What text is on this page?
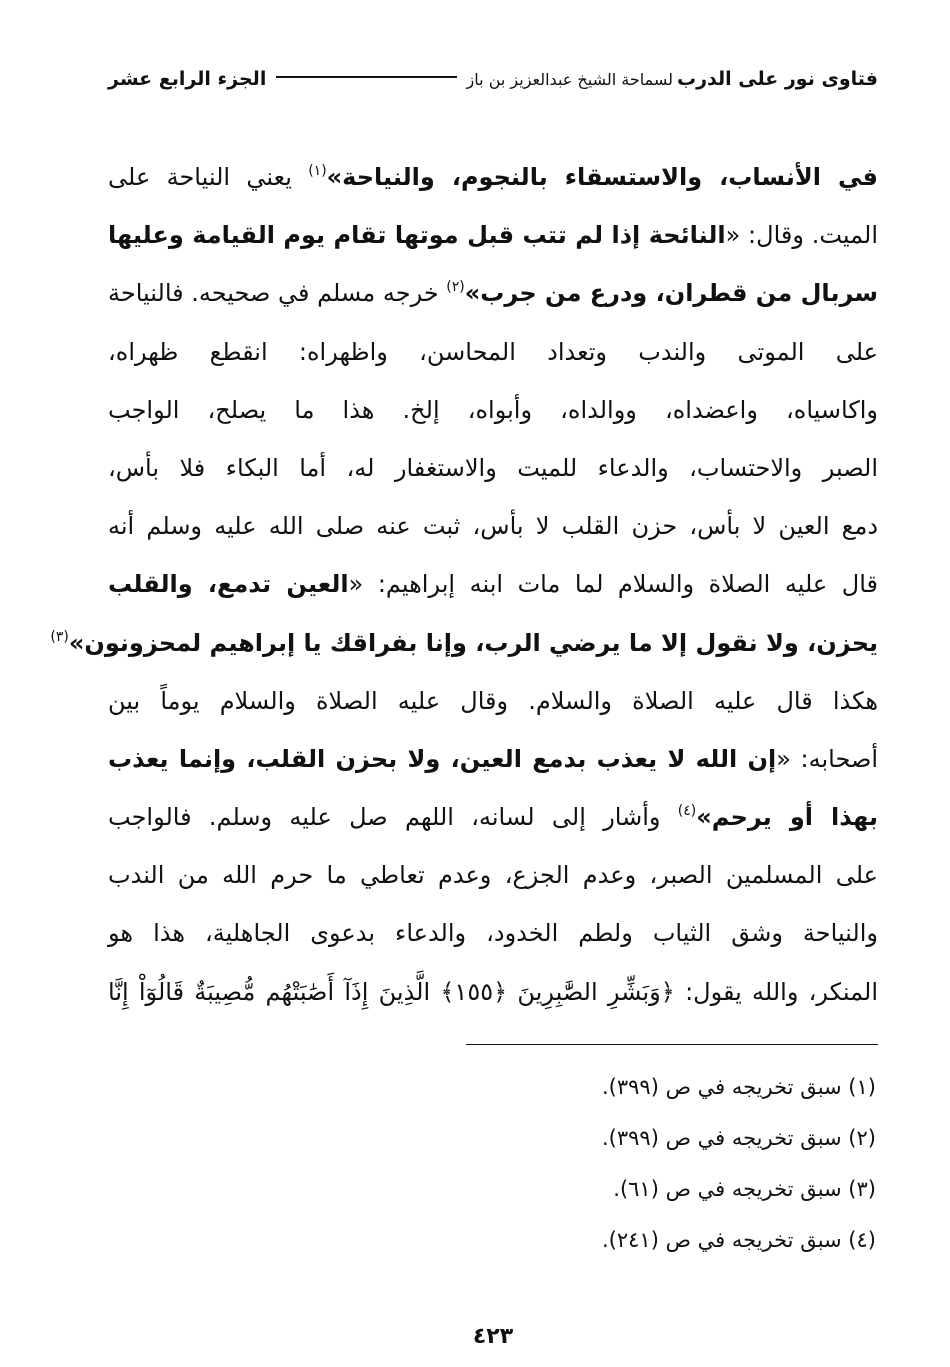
فتاوى نور على الدرب
لسماحة الشيخ عبدالعزيز بن باز
الجزء الرابع عشر
في الأنساب، والاستسقاء بالنجوم، والنياحة»$^{(١)}$ يعني النياحة على
الميت. وقال: «النائحة إذا لم تتب قبل موتها تقام يوم القيامة وعليها
سربال من قطران، ودرع من جرب»$^{(٢)}$ خرجه مسلم في صحيحه. فالنياحة
على الموتى والندب وتعداد المحاسن، واظهراه: انقطع ظهراه،
واكاسياه، واعضداه، ووالداه، وأبواه، إلخ. هذا ما يصلح، الواجب
الصبر والاحتساب، والدعاء للميت والاستغفار له، أما البكاء فلا بأس،
دمع العين لا بأس، حزن القلب لا بأس، ثبت عنه صلى الله عليه وسلم أنه
قال عليه الصلاة والسلام لما مات ابنه إبراهيم: «العين تدمع، والقلب
يحزن، ولا نقول إلا ما يرضي الرب، وإنا بفراقك يا إبراهيم لمحزونون»$^{(٣)}$
هكذا قال عليه الصلاة والسلام. وقال عليه الصلاة والسلام يوماً بين
أصحابه: «إن الله لا يعذب بدمع العين، ولا بحزن القلب، وإنما يعذب
بهذا أو يرحم»$^{(٤)}$ وأشار إلى لسانه، اللهم صل عليه وسلم. فالواجب
على المسلمين الصبر، وعدم الجزع، وعدم تعاطي ما حرم الله من الندب
والنياحة وشق الثياب ولطم الخدود، والدعاء بدعوى الجاهلية، هذا هو
المنكر، والله يقول: ﴿وَبَشِّرِ الصَّٰبِرِينَ ﴿١٥٥﴾ الَّذِينَ إِذَآ أَصَٰبَتْهُم مُّصِيبَةٌ قَالُوٓاْ إِنَّا
(١) سبق تخريجه في ص (٣٩٩).
(٢) سبق تخريجه في ص (٣٩٩).
(٣) سبق تخريجه في ص (٦١).
(٤) سبق تخريجه في ص (٢٤١).
٤٢٣
